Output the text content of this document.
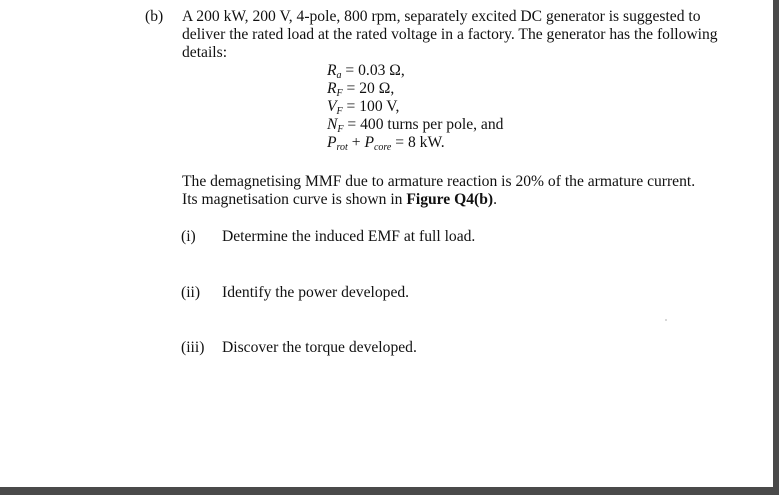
(b) A 200 kW, 200 V, 4-pole, 800 rpm, separately excited DC generator is suggested to
deliver the rated load at the rated voltage in a factory. The generator has the following
details:
$R_a = 0.03$ Ω,
$R_F = 20$ Ω,
$V_F = 100$ V,
$N_F = 400$ turns per pole, and
$P_{rot} + P_{core} = 8$ kW.
The demagnetising MMF due to armature reaction is 20% of the armature current.
Its magnetisation curve is shown in Figure Q4(b).
(i) Determine the induced EMF at full load.
(ii) Identify the power developed.
(iii) Discover the torque developed.
